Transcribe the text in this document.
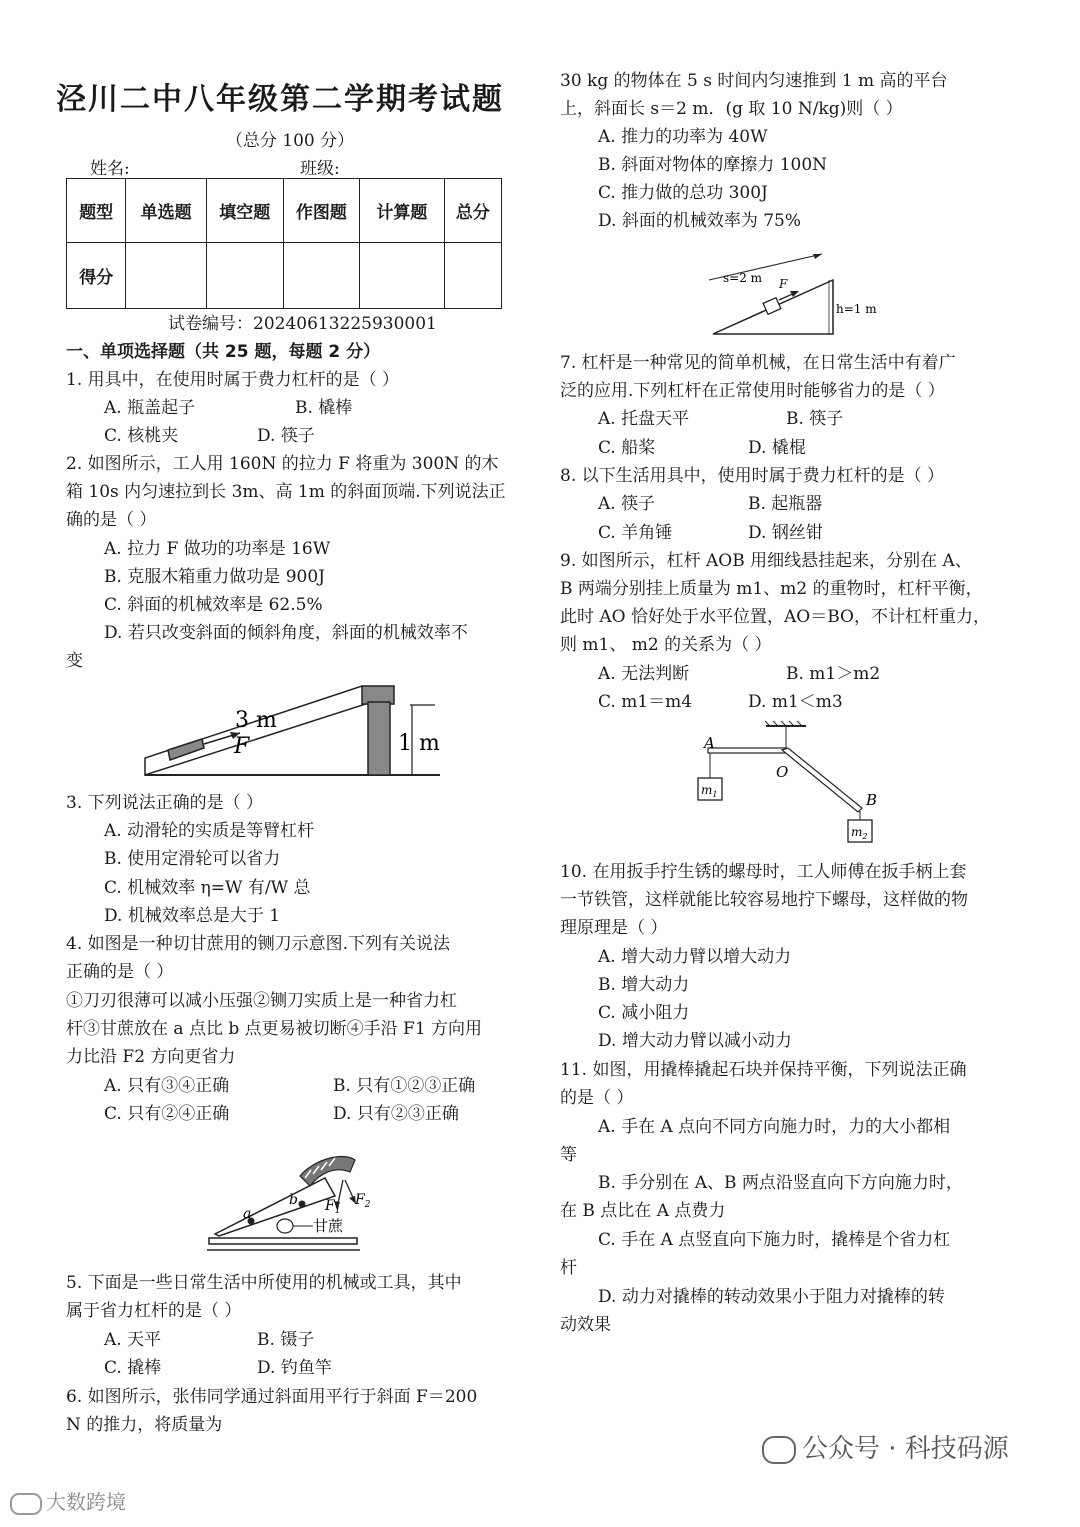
泾川二中八年级第二学期考试题
（总分 100 分）
姓名:	班级:
题型	单选题	填空题	作图题	计算题	总分
得分					
试卷编号：20240613225930001
一、单项选择题（共 25 题，每题 2 分）
1. 用具中，在使用时属于费力杠杆的是（ ）
A. 瓶盖起子	B. 橇棒
C. 核桃夹	D. 筷子
2. 如图所示，工人用 160N 的拉力 F 将重为 300N 的木
箱 10s 内匀速拉到长 3m、高 1m 的斜面顶端.下列说法正
确的是（ ）
A. 拉力 F 做功的功率是 16W
B. 克服木箱重力做功是 900J
C. 斜面的机械效率是 62.5%
D. 若只改变斜面的倾斜角度，斜面的机械效率不
变
F
3 m
1 m
3. 下列说法正确的是（ ）
A. 动滑轮的实质是等臂杠杆
B. 使用定滑轮可以省力
C. 机械效率 η=W 有/W 总
D. 机械效率总是大于 1
4. 如图是一种切甘蔗用的铡刀示意图.下列有关说法
正确的是（ ）
①刀刃很薄可以减小压强②铡刀实质上是一种省力杠
杆③甘蔗放在 a 点比 b 点更易被切断④手沿 F1 方向用
力比沿 F2 方向更省力
A. 只有③④正确	B. 只有①②③正确
C. 只有②④正确	D. 只有②③正确
a
b $F_1$
$F_2$
甘蔗
5. 下面是一些日常生活中所使用的机械或工具，其中
属于省力杠杆的是（ ）
A. 天平	B. 镊子
C. 撬棒	D. 钓鱼竿
6. 如图所示，张伟同学通过斜面用平行于斜面 F＝200
N 的推力，将质量为
30 kg 的物体在 5 s 时间内匀速推到 1 m 高的平台
上，斜面长 s＝2 m．(g 取 10 N/kg)则（ ）
A. 推力的功率为 40W
B. 斜面对物体的摩擦力 100N
C. 推力做的总功 300J
D. 斜面的机械效率为 75%
F
s=2 m
h=1 m
7. 杠杆是一种常见的简单机械，在日常生活中有着广
泛的应用.下列杠杆在正常使用时能够省力的是（ ）
A. 托盘天平	B. 筷子
C. 船桨	D. 橇棍
8. 以下生活用具中，使用时属于费力杠杆的是（ ）
A. 筷子	B. 起瓶器
C. 羊角锤	D. 钢丝钳
9. 如图所示，杠杆 AOB 用细线悬挂起来，分别在 A、
B 两端分别挂上质量为 m1、m2 的重物时，杠杆平衡，
此时 AO 恰好处于水平位置，AO＝BO，不计杠杆重力，
则 m1、 m2 的关系为（ ）
A. 无法判断	B. m1＞m2
C. m1＝m4	D. m1＜m3
A
O
B
$m_1$
$m_2$
10. 在用扳手拧生锈的螺母时，工人师傅在扳手柄上套
一节铁管，这样就能比较容易地拧下螺母，这样做的物
理原理是（ ）
A. 增大动力臂以增大动力
B. 增大动力
C. 减小阻力
D. 增大动力臂以减小动力
11. 如图，用撬棒撬起石块并保持平衡，下列说法正确
的是（ ）
A. 手在 A 点向不同方向施力时，力的大小都相
等
B. 手分别在 A、B 两点沿竖直向下方向施力时，
在 B 点比在 A 点费力
C. 手在 A 点竖直向下施力时，撬棒是个省力杠
杆
D. 动力对撬棒的转动效果小于阻力对撬棒的转
动效果
大数跨境
公众号 · 科技码源
